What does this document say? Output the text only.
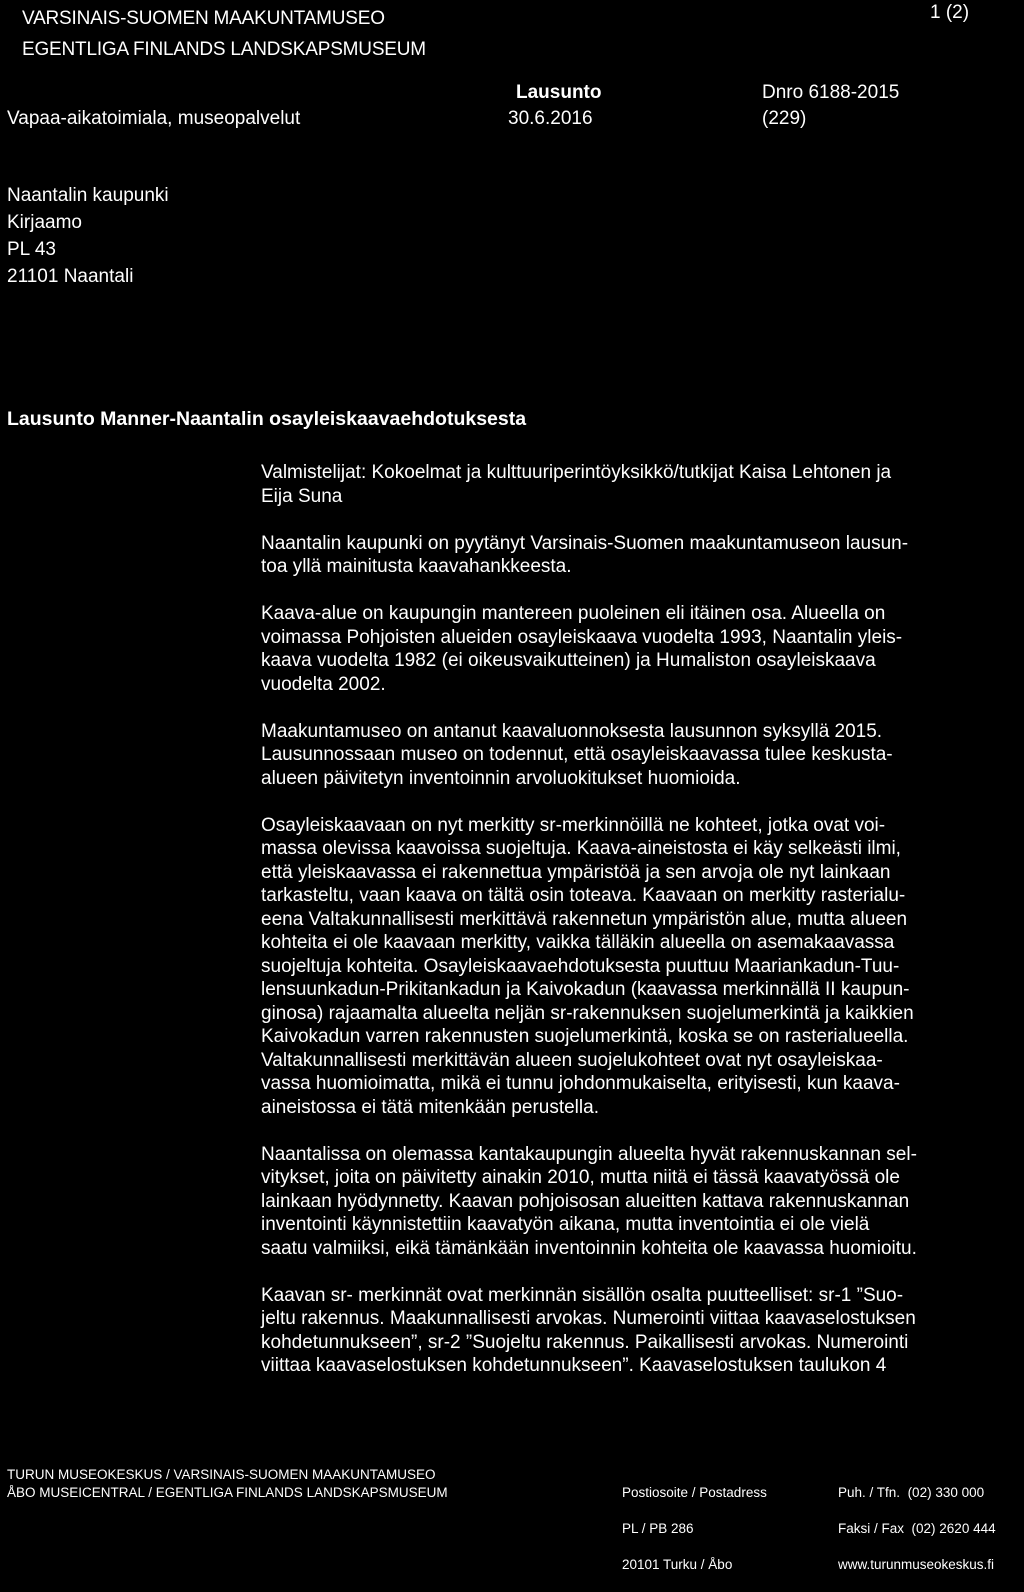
VARSINAIS-SUOMEN MAAKUNTAMUSEO
EGENTLIGA FINLANDS LANDSKAPSMUSEUM
1 (2)
Vapaa-aikatoimiala, museopalvelut
Lausunto
30.6.2016
Dnro 6188-2015
(229)
Naantalin kaupunki
Kirjaamo
PL 43
21101 Naantali
Lausunto Manner-Naantalin osayleiskaavaehdotuksesta

Valmistelijat: Kokoelmat ja kulttuuriperintöyksikkö/tutkijat Kaisa Lehtonen ja
Eija Suna

Naantalin kaupunki on pyytänyt Varsinais-Suomen maakuntamuseon lausun-
toa yllä mainitusta kaavahankkeesta.

Kaava-alue on kaupungin mantereen puoleinen eli itäinen osa. Alueella on
voimassa Pohjoisten alueiden osayleiskaava vuodelta 1993, Naantalin yleis-
kaava vuodelta 1982 (ei oikeusvaikutteinen) ja Humaliston osayleiskaava
vuodelta 2002.

Maakuntamuseo on antanut kaavaluonnoksesta lausunnon syksyllä 2015.
Lausunnossaan museo on todennut, että osayleiskaavassa tulee keskusta-
alueen päivitetyn inventoinnin arvoluokitukset huomioida.

Osayleiskaavaan on nyt merkitty sr-merkinnöillä ne kohteet, jotka ovat voi-
massa olevissa kaavoissa suojeltuja. Kaava-aineistosta ei käy selkeästi ilmi,
että yleiskaavassa ei rakennettua ympäristöä ja sen arvoja ole nyt lainkaan
tarkasteltu, vaan kaava on tältä osin toteava. Kaavaan on merkitty rasterialu-
eena Valtakunnallisesti merkittävä rakennetun ympäristön alue, mutta alueen
kohteita ei ole kaavaan merkitty, vaikka tälläkin alueella on asemakaavassa
suojeltuja kohteita. Osayleiskaavaehdotuksesta puuttuu Maariankadun-Tuu-
lensuunkadun-Prikitankadun ja Kaivokadun (kaavassa merkinnällä II kaupun-
ginosa) rajaamalta alueelta neljän sr-rakennuksen suojelumerkintä ja kaikkien
Kaivokadun varren rakennusten suojelumerkintä, koska se on rasterialueella.
Valtakunnallisesti merkittävän alueen suojelukohteet ovat nyt osayleiskaa-
vassa huomioimatta, mikä ei tunnu johdonmukaiselta, erityisesti, kun kaava-
aineistossa ei tätä mitenkään perustella.

Naantalissa on olemassa kantakaupungin alueelta hyvät rakennuskannan sel-
vitykset, joita on päivitetty ainakin 2010, mutta niitä ei tässä kaavatyössä ole
lainkaan hyödynnetty. Kaavan pohjoisosan alueitten kattava rakennuskannan
inventointi käynnistettiin kaavatyön aikana, mutta inventointia ei ole vielä
saatu valmiiksi, eikä tämänkään inventoinnin kohteita ole kaavassa huomioitu.

Kaavan sr- merkinnät ovat merkinnän sisällön osalta puutteelliset: sr-1 ”Suo-
jeltu rakennus. Maakunnallisesti arvokas. Numerointi viittaa kaavaselostuksen
kohdetunnukseen”, sr-2 ”Suojeltu rakennus. Paikallisesti arvokas. Numerointi
viittaa kaavaselostuksen kohdetunnukseen”. Kaavaselostuksen taulukon 4

TURUN MUSEOKESKUS / VARSINAIS-SUOMEN MAAKUNTAMUSEO
ÅBO MUSEICENTRAL / EGENTLIGA FINLANDS LANDSKAPSMUSEUM	Postiosoite / Postadress

PL / PB 286

20101 Turku / Åbo

Puh. / Tfn. (02) 330 000

Faksi / Fax (02) 2620 444

www.turunmuseokeskus.fi
